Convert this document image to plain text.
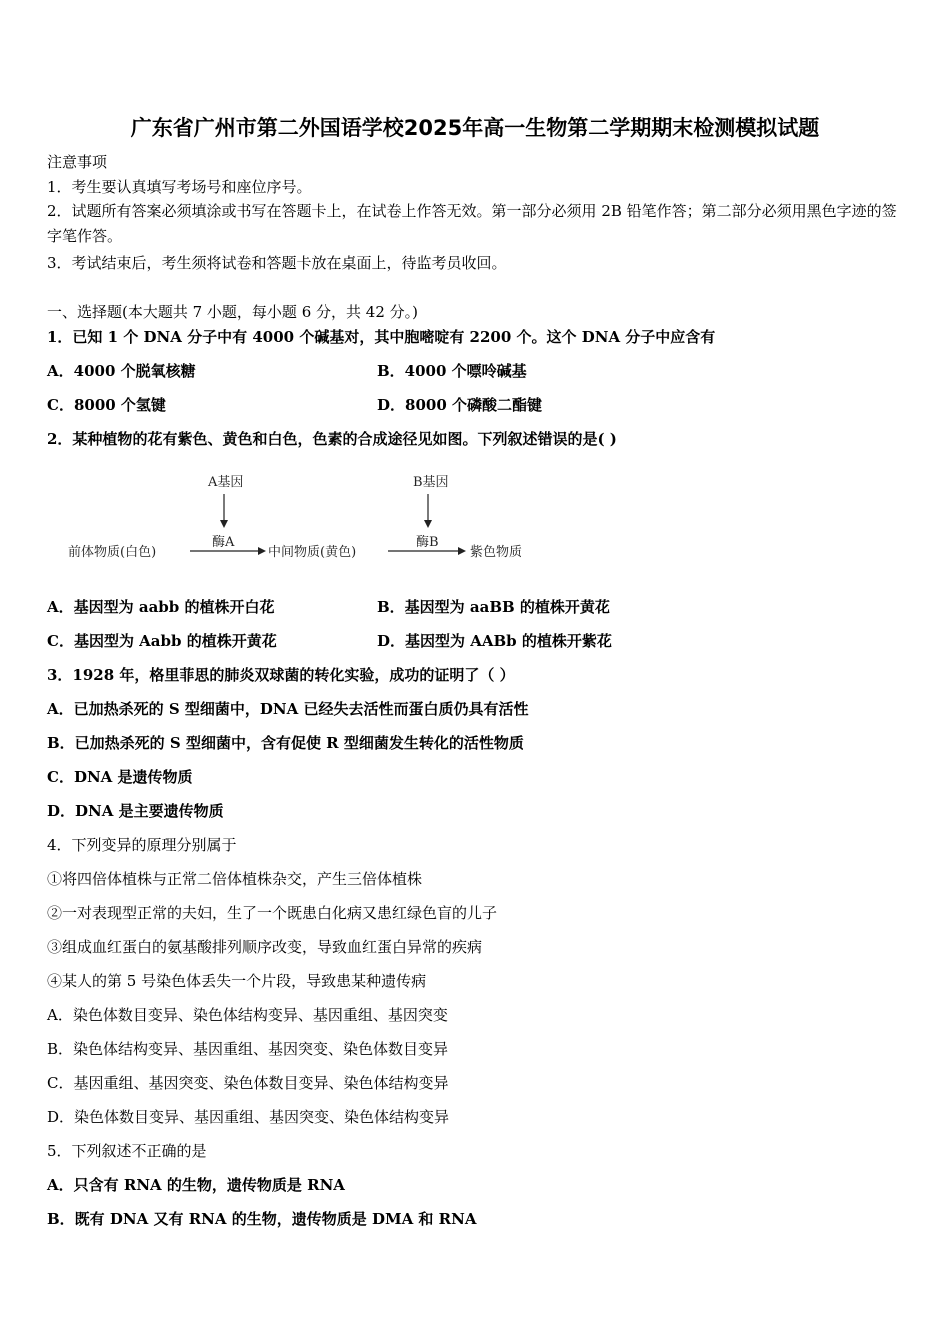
广东省广州市第二外国语学校2025年高一生物第二学期期末检测模拟试题
注意事项
1．考生要认真填写考场号和座位序号。
2．试题所有答案必须填涂或书写在答题卡上，在试卷上作答无效。第一部分必须用 2B 铅笔作答；第二部分必须用黑色字迹的签字笔作答。
3．考试结束后，考生须将试卷和答题卡放在桌面上，待监考员收回。
一、选择题(本大题共 7 小题，每小题 6 分，共 42 分。)
1．已知 1 个 DNA 分子中有 4000 个碱基对，其中胞嘧啶有 2200 个。这个 DNA 分子中应含有
A．4000 个脱氧核糖	B．4000 个嘌呤碱基
C．8000 个氢键	D．8000 个磷酸二酯键
2．某种植物的花有紫色、黄色和白色，色素的合成途径见如图。下列叙述错误的是( )
A基因	B基因
酶A	酶B
前体物质(白色)	中间物质(黄色)	紫色物质
A．基因型为 aabb 的植株开白花	B．基因型为 aaBB 的植株开黄花
C．基因型为 Aabb 的植株开黄花	D．基因型为 AABb 的植株开紫花
3．1928 年，格里菲思的肺炎双球菌的转化实验，成功的证明了（ ）
A．已加热杀死的 S 型细菌中，DNA 已经失去活性而蛋白质仍具有活性
B．已加热杀死的 S 型细菌中，含有促使 R 型细菌发生转化的活性物质
C．DNA 是遗传物质
D．DNA 是主要遗传物质
4．下列变异的原理分别属于
①将四倍体植株与正常二倍体植株杂交，产生三倍体植株
②一对表现型正常的夫妇，生了一个既患白化病又患红绿色盲的儿子
③组成血红蛋白的氨基酸排列顺序改变，导致血红蛋白异常的疾病
④某人的第 5 号染色体丢失一个片段，导致患某种遗传病
A．染色体数目变异、染色体结构变异、基因重组、基因突变
B．染色体结构变异、基因重组、基因突变、染色体数目变异
C．基因重组、基因突变、染色体数目变异、染色体结构变异
D．染色体数目变异、基因重组、基因突变、染色体结构变异
5．下列叙述不正确的是
A．只含有 RNA 的生物，遗传物质是 RNA
B．既有 DNA 又有 RNA 的生物，遗传物质是 DMA 和 RNA
